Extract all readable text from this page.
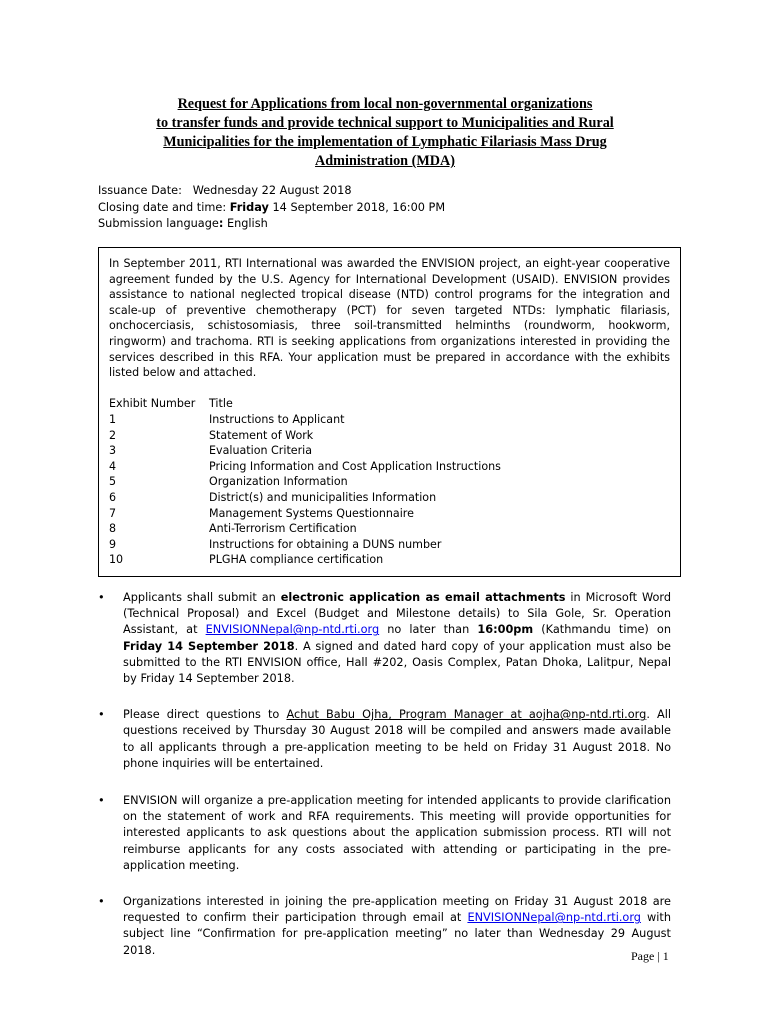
Request for Applications from local non-governmental organizations
to transfer funds and provide technical support to Municipalities and Rural
Municipalities for the implementation of Lymphatic Filariasis Mass Drug
Administration (MDA)
Issuance Date: Wednesday 22 August 2018
Closing date and time: Friday 14 September 2018, 16:00 PM
Submission language: English

In September 2011, RTI International was awarded the ENVISION project, an eight-year cooperative agreement funded by the U.S. Agency for International Development (USAID). ENVISION provides assistance to national neglected tropical disease (NTD) control programs for the integration and scale-up of preventive chemotherapy (PCT) for seven targeted NTDs: lymphatic filariasis, onchocerciasis, schistosomiasis, three soil-transmitted helminths (roundworm, hookworm, ringworm) and trachoma. RTI is seeking applications from organizations interested in providing the services described in this RFA. Your application must be prepared in accordance with the exhibits listed below and attached.

Exhibit Number	Title
1	Instructions to Applicant
2	Statement of Work
3	Evaluation Criteria
4	Pricing Information and Cost Application Instructions
5	Organization Information
6	District(s) and municipalities Information
7	Management Systems Questionnaire
8	Anti-Terrorism Certification
9	Instructions for obtaining a DUNS number
10	PLGHA compliance certification

• Applicants shall submit an electronic application as email attachments in Microsoft Word (Technical Proposal) and Excel (Budget and Milestone details) to Sila Gole, Sr. Operation Assistant, at ENVISIONNepal@np-ntd.rti.org no later than 16:00pm (Kathmandu time) on Friday 14 September 2018. A signed and dated hard copy of your application must also be submitted to the RTI ENVISION office, Hall #202, Oasis Complex, Patan Dhoka, Lalitpur, Nepal by Friday 14 September 2018.

• Please direct questions to Achut Babu Ojha, Program Manager at aojha@np-ntd.rti.org. All questions received by Thursday 30 August 2018 will be compiled and answers made available to all applicants through a pre-application meeting to be held on Friday 31 August 2018. No phone inquiries will be entertained.

• ENVISION will organize a pre-application meeting for intended applicants to provide clarification on the statement of work and RFA requirements. This meeting will provide opportunities for interested applicants to ask questions about the application submission process. RTI will not reimburse applicants for any costs associated with attending or participating in the pre-application meeting.

• Organizations interested in joining the pre-application meeting on Friday 31 August 2018 are requested to confirm their participation through email at ENVISIONNepal@np-ntd.rti.org with subject line “Confirmation for pre-application meeting” no later than Wednesday 29 August 2018.	Page | 1
